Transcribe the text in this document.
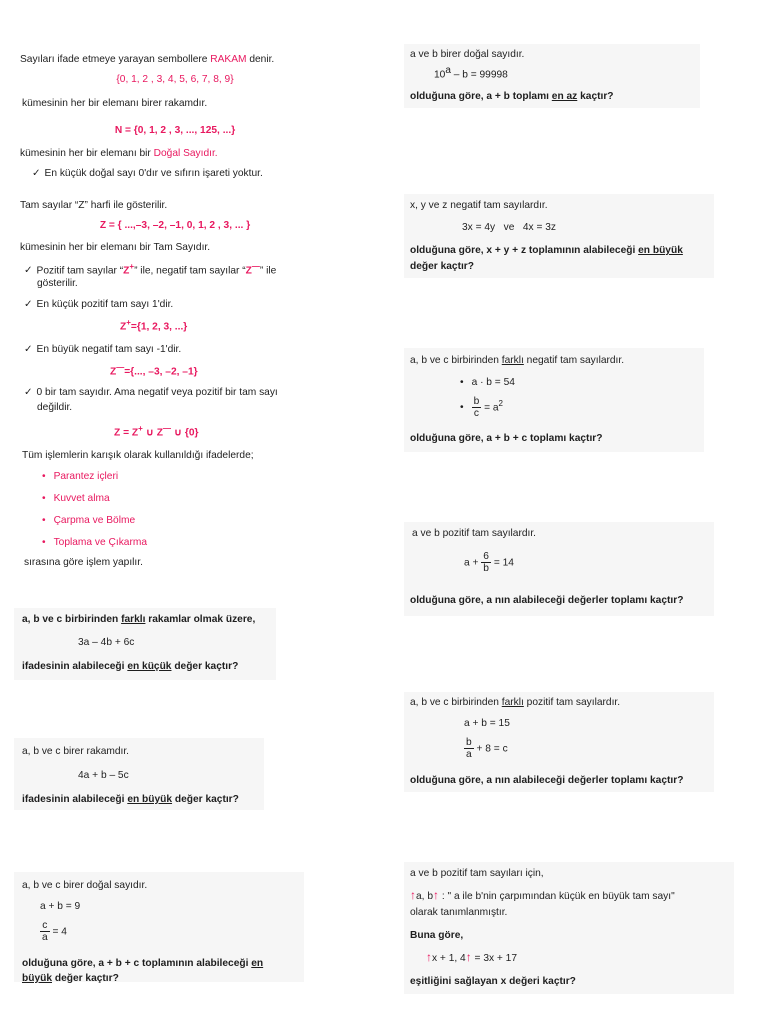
Sayıları ifade etmeye yarayan sembollere RAKAM denir.
{0, 1, 2 , 3, 4, 5, 6, 7, 8, 9}
kümesinin her bir elemanı birer rakamdır.
N = {0, 1, 2 , 3, ..., 125, ...}
kümesinin her bir elemanı bir Doğal Sayıdır.
✓ En küçük doğal sayı 0'dır ve sıfırın işareti yoktur.
Tam sayılar “Z” harfi ile gösterilir.
Z = { ...,–3, –2, –1, 0, 1, 2 , 3, ... }
kümesinin her bir elemanı bir Tam Sayıdır.
✓ Pozitif tam sayılar “Z+” ile, negatif tam sayılar “Z—” ile
gösterilir.
✓ En küçük pozitif tam sayı 1'dir.
Z+={1, 2, 3, ...}
✓ En büyük negatif tam sayı -1'dir.
Z—={..., –3, –2, –1}
✓ 0 bir tam sayıdır. Ama negatif veya pozitif bir tam sayı
değildir.
Z = Z+ ∪ Z— ∪ {0}
Tüm işlemlerin karışık olarak kullanıldığı ifadelerde;
• Parantez içleri
• Kuvvet alma
• Çarpma ve Bölme
• Toplama ve Çıkarma
sırasına göre işlem yapılır.
a, b ve c birbirinden farklı rakamlar olmak üzere,
3a – 4b + 6c
ifadesinin alabileceği en küçük değer kaçtır?
a, b ve c birer rakamdır.
4a + b – 5c
ifadesinin alabileceği en büyük değer kaçtır?
a, b ve c birer doğal sayıdır.
a + b = 9
$\frac{c}{a} = 4$
olduğuna göre, a + b + c toplamının alabileceği en
büyük değer kaçtır?
a ve b birer doğal sayıdır.
10$^a$ – b = 99998
olduğuna göre, a + b toplamı en az kaçtır?
x, y ve z negatif tam sayılardır.
3x = 4y   ve   4x = 3z
olduğuna göre, x + y + z toplamının alabileceği en büyük
değer kaçtır?
a, b ve c birbirinden farklı negatif tam sayılardır.
• a · b = 54
• $\frac{b}{c} = a^2$
olduğuna göre, a + b + c toplamı kaçtır?
a ve b pozitif tam sayılardır.
$a + \frac{6}{b} = 14$
olduğuna göre, a nın alabileceği değerler toplamı kaçtır?
a, b ve c birbirinden farklı pozitif tam sayılardır.
a + b = 15
$\frac{b}{a} + 8 = c$
olduğuna göre, a nın alabileceği değerler toplamı kaçtır?
a ve b pozitif tam sayıları için,
↑a, b↑ : " a ile b'nin çarpımından küçük en büyük tam sayı"
olarak tanımlanmıştır.
Buna göre,
↑x + 1, 4↑ = 3x + 17
eşitliğini sağlayan x değeri kaçtır?
